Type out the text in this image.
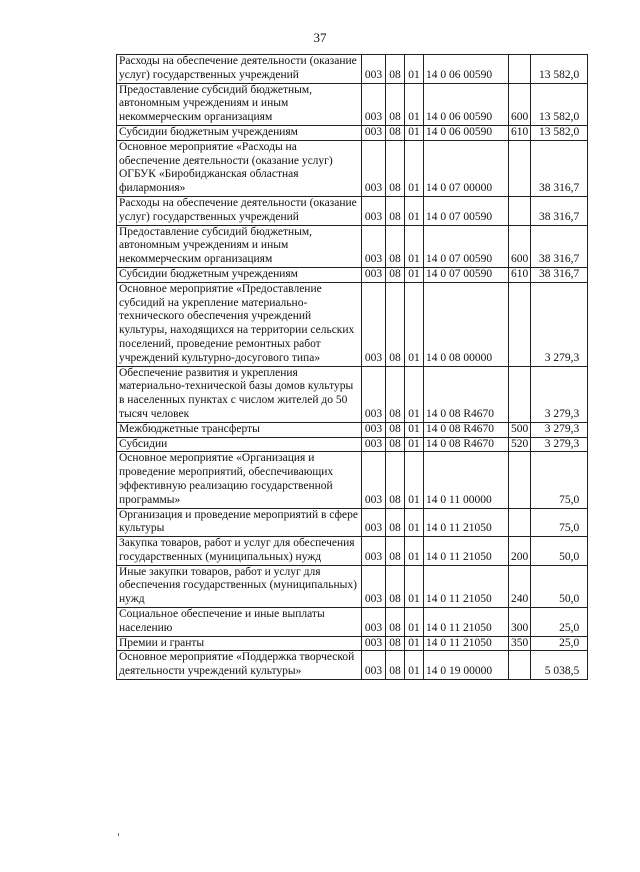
37
Расходы на обеспечение деятельности (оказание услуг) государственных учреждений	003	08	01	14 0 06 00590		13 582,0
Предоставление субсидий бюджетным, автономным учреждениям и иным некоммерческим организациям	003	08	01	14 0 06 00590	600	13 582,0
Субсидии бюджетным учреждениям	003	08	01	14 0 06 00590	610	13 582,0
Основное мероприятие «Расходы на обеспечение деятельности (оказание услуг) ОГБУК «Биробиджанская областная филармония»	003	08	01	14 0 07 00000		38 316,7
Расходы на обеспечение деятельности (оказание услуг) государственных учреждений	003	08	01	14 0 07 00590		38 316,7
Предоставление субсидий бюджетным, автономным учреждениям и иным некоммерческим организациям	003	08	01	14 0 07 00590	600	38 316,7
Субсидии бюджетным учреждениям	003	08	01	14 0 07 00590	610	38 316,7
Основное мероприятие «Предоставление субсидий на укрепление материально-технического обеспечения учреждений культуры, находящихся на территории сельских поселений, проведение ремонтных работ учреждений культурно-досугового типа»	003	08	01	14 0 08 00000		3 279,3
Обеспечение развития и укрепления материально-технической базы домов культуры в населенных пунктах с числом жителей до 50 тысяч человек	003	08	01	14 0 08 R4670		3 279,3
Межбюджетные трансферты	003	08	01	14 0 08 R4670	500	3 279,3
Субсидии	003	08	01	14 0 08 R4670	520	3 279,3
Основное мероприятие «Организация и проведение мероприятий, обеспечивающих эффективную реализацию государственной программы»	003	08	01	14 0 11 00000		75,0
Организация и проведение мероприятий в сфере культуры	003	08	01	14 0 11 21050		75,0
Закупка товаров, работ и услуг для обеспечения государственных (муниципальных) нужд	003	08	01	14 0 11 21050	200	50,0
Иные закупки товаров, работ и услуг для обеспечения государственных (муниципальных) нужд	003	08	01	14 0 11 21050	240	50,0
Социальное обеспечение и иные выплаты населению	003	08	01	14 0 11 21050	300	25,0
Премии и гранты	003	08	01	14 0 11 21050	350	25,0
Основное мероприятие «Поддержка творческой деятельности учреждений культуры»	003	08	01	14 0 19 00000		5 038,5
